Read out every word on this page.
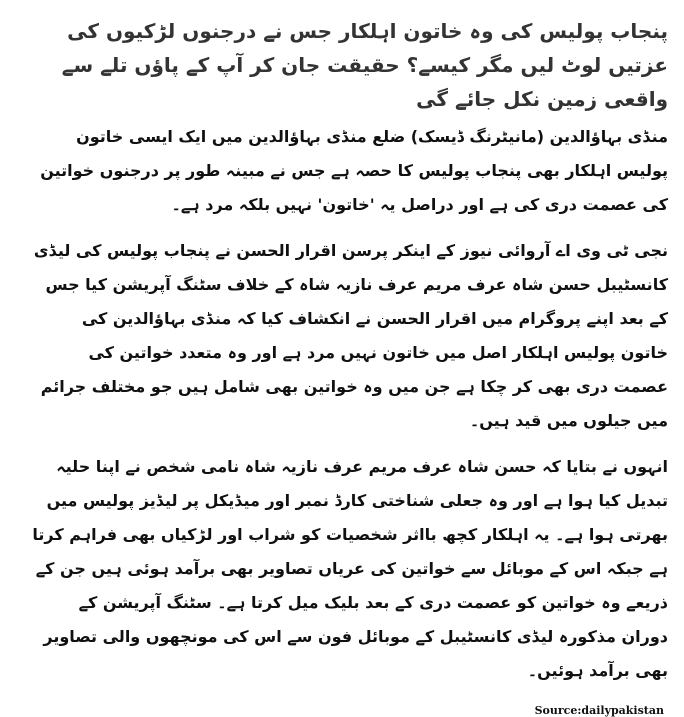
پنجاب پولیس کی وہ خاتون اہلکار جس نے درجنوں لڑکیوں کی عزتیں لوٹ لیں مگر کیسے؟ حقیقت جان کر آپ کے پاؤں تلے سے واقعی زمین نکل جائے گی

منڈی بہاؤالدین (مانیٹرنگ ڈیسک) ضلع منڈی بہاؤالدین میں ایک ایسی خاتون پولیس اہلکار بھی پنجاب پولیس کا حصہ ہے جس نے مبینہ طور پر درجنوں خواتین کی عصمت دری کی ہے اور دراصل یہ 'خاتون' نہیں بلکہ مرد ہے۔

نجی ٹی وی اے آروائی نیوز کے اینکر پرسن اقرار الحسن نے پنجاب پولیس کی لیڈی کانسٹیبل حسن شاہ عرف مریم عرف نازیہ شاہ کے خلاف سٹنگ آپریشن کیا جس کے بعد اپنے پروگرام میں اقرار الحسن نے انکشاف کیا کہ منڈی بہاؤالدین کی خاتون پولیس اہلکار اصل میں خاتون نہیں مرد ہے اور وہ متعدد خواتین کی عصمت دری بھی کر چکا ہے جن میں وہ خواتین بھی شامل ہیں جو مختلف جرائم میں جیلوں میں قید ہیں۔

انہوں نے بتایا کہ حسن شاہ عرف مریم عرف نازیہ شاہ نامی شخص نے اپنا حلیہ تبدیل کیا ہوا ہے اور وہ جعلی شناختی کارڈ نمبر اور میڈیکل پر لیڈیز پولیس میں بھرتی ہوا ہے۔ یہ اہلکار کچھ بااثر شخصیات کو شراب اور لڑکیاں بھی فراہم کرتا ہے جبکہ اس کے موبائل سے خواتین کی عریاں تصاویر بھی برآمد ہوئی ہیں جن کے ذریعے وہ خواتین کو عصمت دری کے بعد بلیک میل کرتا ہے۔ سٹنگ آپریشن کے دوران مذکورہ لیڈی کانسٹیبل کے موبائل فون سے اس کی مونچھوں والی تصاویر بھی برآمد ہوئیں۔

Source:dailypakistan
